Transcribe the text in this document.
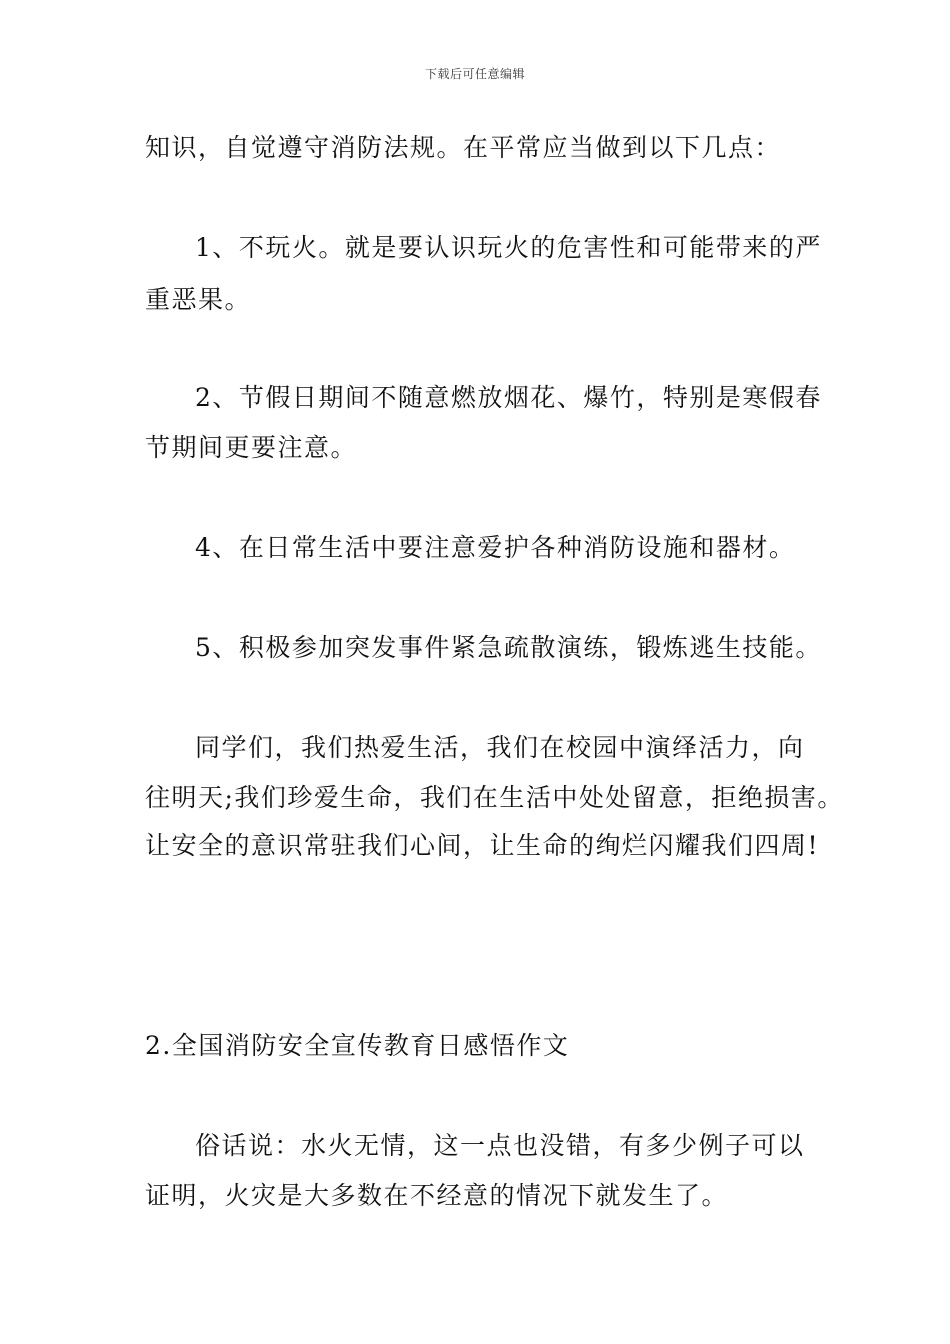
下载后可任意编辑
知识，自觉遵守消防法规。在平常应当做到以下几点：
1、不玩火。就是要认识玩火的危害性和可能带来的严
重恶果。
2、节假日期间不随意燃放烟花、爆竹，特别是寒假春
节期间更要注意。
4、在日常生活中要注意爱护各种消防设施和器材。
5、积极参加突发事件紧急疏散演练，锻炼逃生技能。
同学们，我们热爱生活，我们在校园中演绎活力，向
往明天;我们珍爱生命，我们在生活中处处留意，拒绝损害。
让安全的意识常驻我们心间，让生命的绚烂闪耀我们四周!
2.全国消防安全宣传教育日感悟作文
俗话说：水火无情，这一点也没错，有多少例子可以
证明，火灾是大多数在不经意的情况下就发生了。
